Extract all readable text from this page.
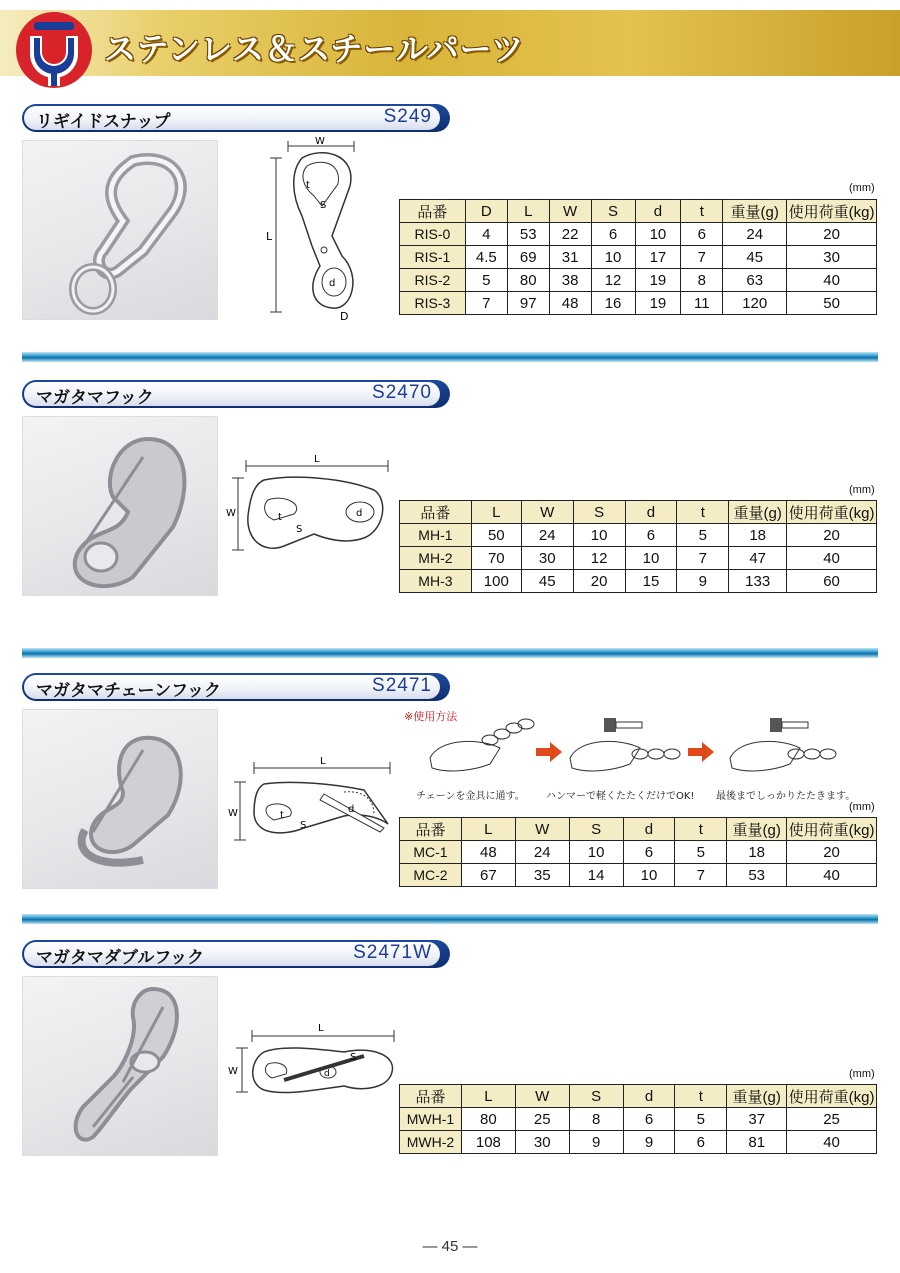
ステンレス＆スチールパーツ
リギイドスナップ	S249
W
L
t
S
d
D
(mm)
品番	D	L	W	S	d	t	重量(g)	使用荷重(kg)
RIS-0	4	53	22	6	10	6	24	20
RIS-1	4.5	69	31	10	17	7	45	30
RIS-2	5	80	38	12	19	8	63	40
RIS-3	7	97	48	16	19	11	120	50
マガタマフック	S2470
L
W	t
S
d
(mm)
品番	L	W	S	d	t	重量(g)	使用荷重(kg)
MH-1	50	24	10	6	5	18	20
MH-2	70	30	12	10	7	47	40
MH-3	100	45	20	15	9	133	60
マガタマチェーンフック	S2471
L
W	t
S
d
※使用方法
チェーンを金具に通す。 ハンマーで軽くたたくだけでOK! 最後までしっかりたたきます。
(mm)
品番	L	W	S	d	t	重量(g)	使用荷重(kg)
MC-1	48	24	10	6	5	18	20
MC-2	67	35	14	10	7	53	40
マガタマダブルフック	S2471W
L
W
S
d	(mm)
品番	L	W	S	d	t	重量(g)	使用荷重(kg)
MWH-1	80	25	8	6	5	37	25
MWH-2	108	30	9	9	6	81	40
— 45 —
